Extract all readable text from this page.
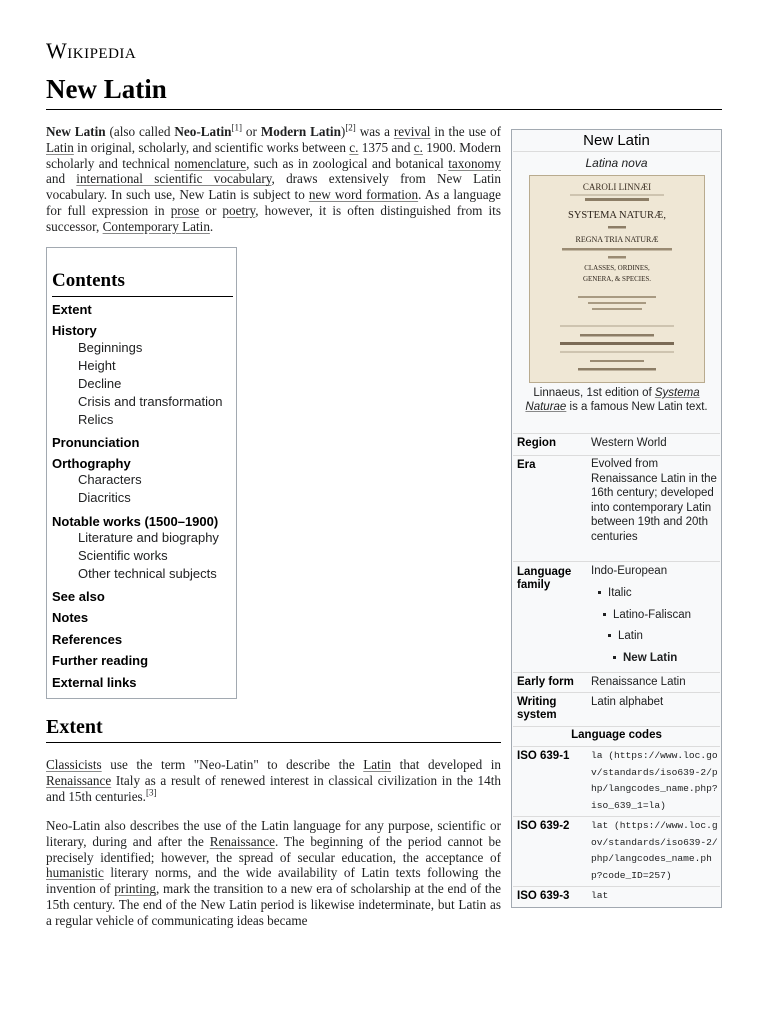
Wikipedia
New Latin

New Latin (also called Neo-Latin[1] or Modern Latin)[2] was a revival in the use of Latin in original, scholarly, and scientific works between c. 1375 and c. 1900. Modern scholarly and technical nomenclature, such as in zoological and botanical taxonomy and international scientific vocabulary, draws extensively from New Latin vocabulary. In such use, New Latin is subject to new word formation. As a language for full expression in prose or poetry, however, it is often distinguished from its successor, Contemporary Latin.

Contents
Extent
History
Beginnings
Height
Decline
Crisis and transformation
Relics
Pronunciation
Orthography
Characters
Diacritics
Notable works (1500–1900)
Literature and biography
Scientific works
Other technical subjects
See also
Notes
References
Further reading
External links
Extent

Classicists use the term "Neo-Latin" to describe the Latin that developed in Renaissance Italy as a result of renewed interest in classical civilization in the 14th and 15th centuries.[3]

Neo-Latin also describes the use of the Latin language for any purpose, scientific or literary, during and after the Renaissance. The beginning of the period cannot be precisely identified; however, the spread of secular education, the acceptance of humanistic literary norms, and the wide availability of Latin texts following the invention of printing, mark the transition to a new era of scholarship at the end of the 15th century. The end of the New Latin period is likewise indeterminate, but Latin as a regular vehicle of communicating ideas became

New Latin
Latina nova
CAROLI LINNÆI
SYSTEMA NATURÆ,
REGNA TRIA NATURÆ
CLASSES, ORDINES,
GENERA, & SPECIES.
Linnaeus, 1st edition of Systema Naturae is a famous New Latin text.
Region	Western World
Era	Evolved from Renaissance Latin in the 16th century; developed into contemporary Latin between 19th and 20th centuries
Language family
Indo-European
Italic
Latino-Faliscan
Latin
New Latin
Early form Renaissance Latin
Writing system
Latin alphabet
Language codes
ISO 639-1 la (https://www.loc.gov/standards/iso639-2/php/langcodes_name.php?iso_639_1=la)
ISO 639-2 lat (https://www.loc.gov/standards/iso639-2/php/langcodes_name.php?code_ID=257)
ISO 639-3 lat
